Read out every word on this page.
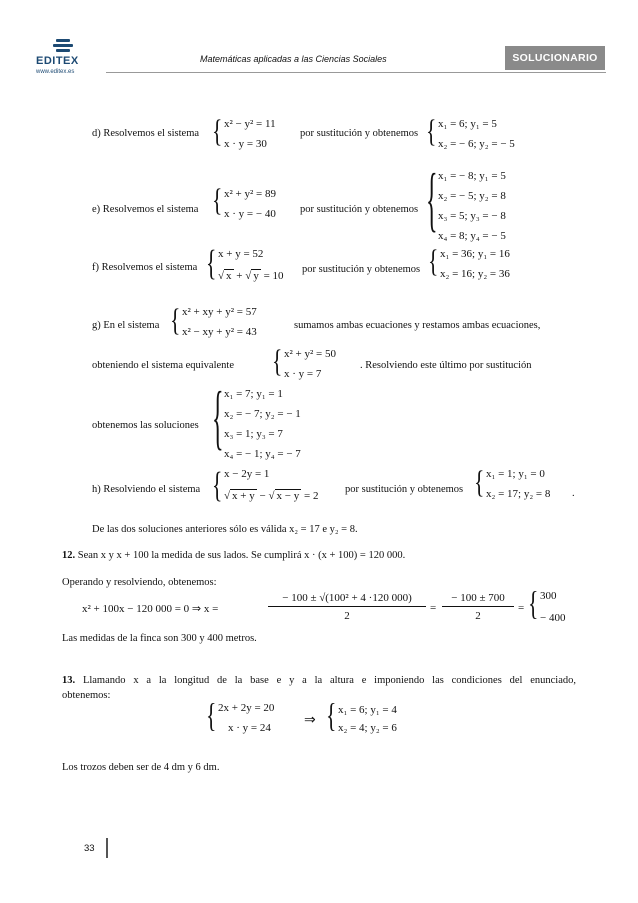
EDITEX
www.editex.es
Matemáticas aplicadas a las Ciencias Sociales	SOLUCIONARIO
d) Resolvemos el sistema { x² − y² = 11
x · y = 30
por sustitución y obtenemos { x₁ = 6; y₁ = 5
x₂ = − 6; y₂ = − 5
e) Resolvemos el sistema { x² + y² = 89
x · y = − 40 por sustitución y obtenemos { x₁ = − 8; y₁ = 5
x₂ = − 5; y₂ = 8
x₃ = 5; y₃ = − 8
x₄ = 8; y₄ = − 5
f) Resolvemos el sistema { x + y = 52
√ x + √ y = 10
por sustitución y obtenemos { x₁ = 36; y₁ = 16
x₂ = 16; y₂ = 36
g) En el sistema { x² + xy + y² = 57
x² − xy + y² = 43
sumamos ambas ecuaciones y restamos ambas ecuaciones,
obteniendo el sistema equivalente { x² + y² = 50
x · y = 7
. Resolviendo este último por sustitución
obtenemos las soluciones { x₁ = 7; y₁ = 1
x₂ = − 7; y₂ = − 1
x₃ = 1; y₃ = 7
x₄ = − 1; y₄ = − 7
h) Resolviendo el sistema { x − 2y = 1
√ x + y − √ x − y = 2
por sustitución y obtenemos { x₁ = 1; y₁ = 0
x₂ = 17; y₂ = 8 .
De las dos soluciones anteriores sólo es válida x₂ = 17 e y₂ = 8.
12. Sean x y x + 100 la medida de sus lados. Se cumplirá x · (x + 100) = 120 000.
Operando y resolviendo, obtenemos:
x² + 100x − 120 000 = 0 ⇒ x =
− 100 ± √(100² + 4 ·120 000)
2
=
− 100 ± 700
2
= { 300
− 400
Las medidas de la finca son 300 y 400 metros.
13. Llamando x a la longitud de la base e y a la altura e imponiendo las condiciones del enunciado,
obtenemos:
{ 2x + 2y = 20
x · y = 24 ⇒ { x₁ = 6; y₁ = 4
x₂ = 4; y₂ = 6
Los trozos deben ser de 4 dm y 6 dm.
33
